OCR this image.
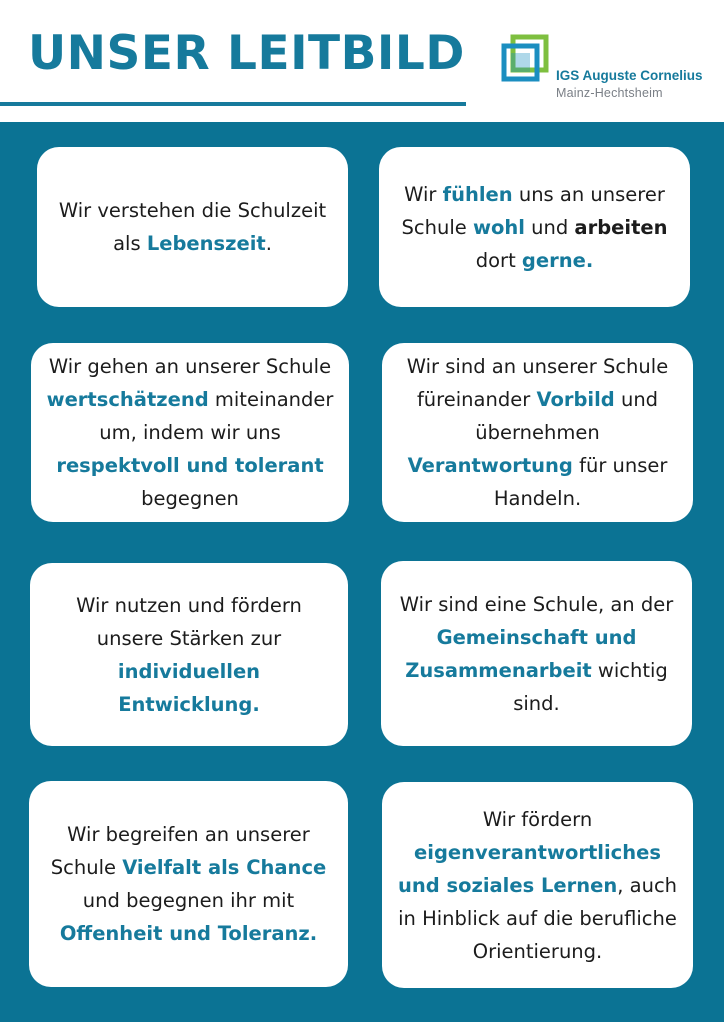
UNSER LEITBILD	IGS Auguste Cornelius
Mainz-Hechtsheim

Wir verstehen die Schulzeit als Lebenszeit.

Wir fühlen uns an unserer Schule wohl und arbeiten dort gerne.

Wir gehen an unserer Schule wertschätzend miteinander um, indem wir uns respektvoll und tolerant begegnen

Wir sind an unserer Schule füreinander Vorbild und übernehmen Verantwortung für unser Handeln.

Wir nutzen und fördern unsere Stärken zur individuellen Entwicklung.

Wir sind eine Schule, an der Gemeinschaft und Zusammenarbeit wichtig sind.

Wir begreifen an unserer Schule Vielfalt als Chance und begegnen ihr mit Offenheit und Toleranz.

Wir fördern eigenverantwortliches und soziales Lernen, auch in Hinblick auf die berufliche Orientierung.
